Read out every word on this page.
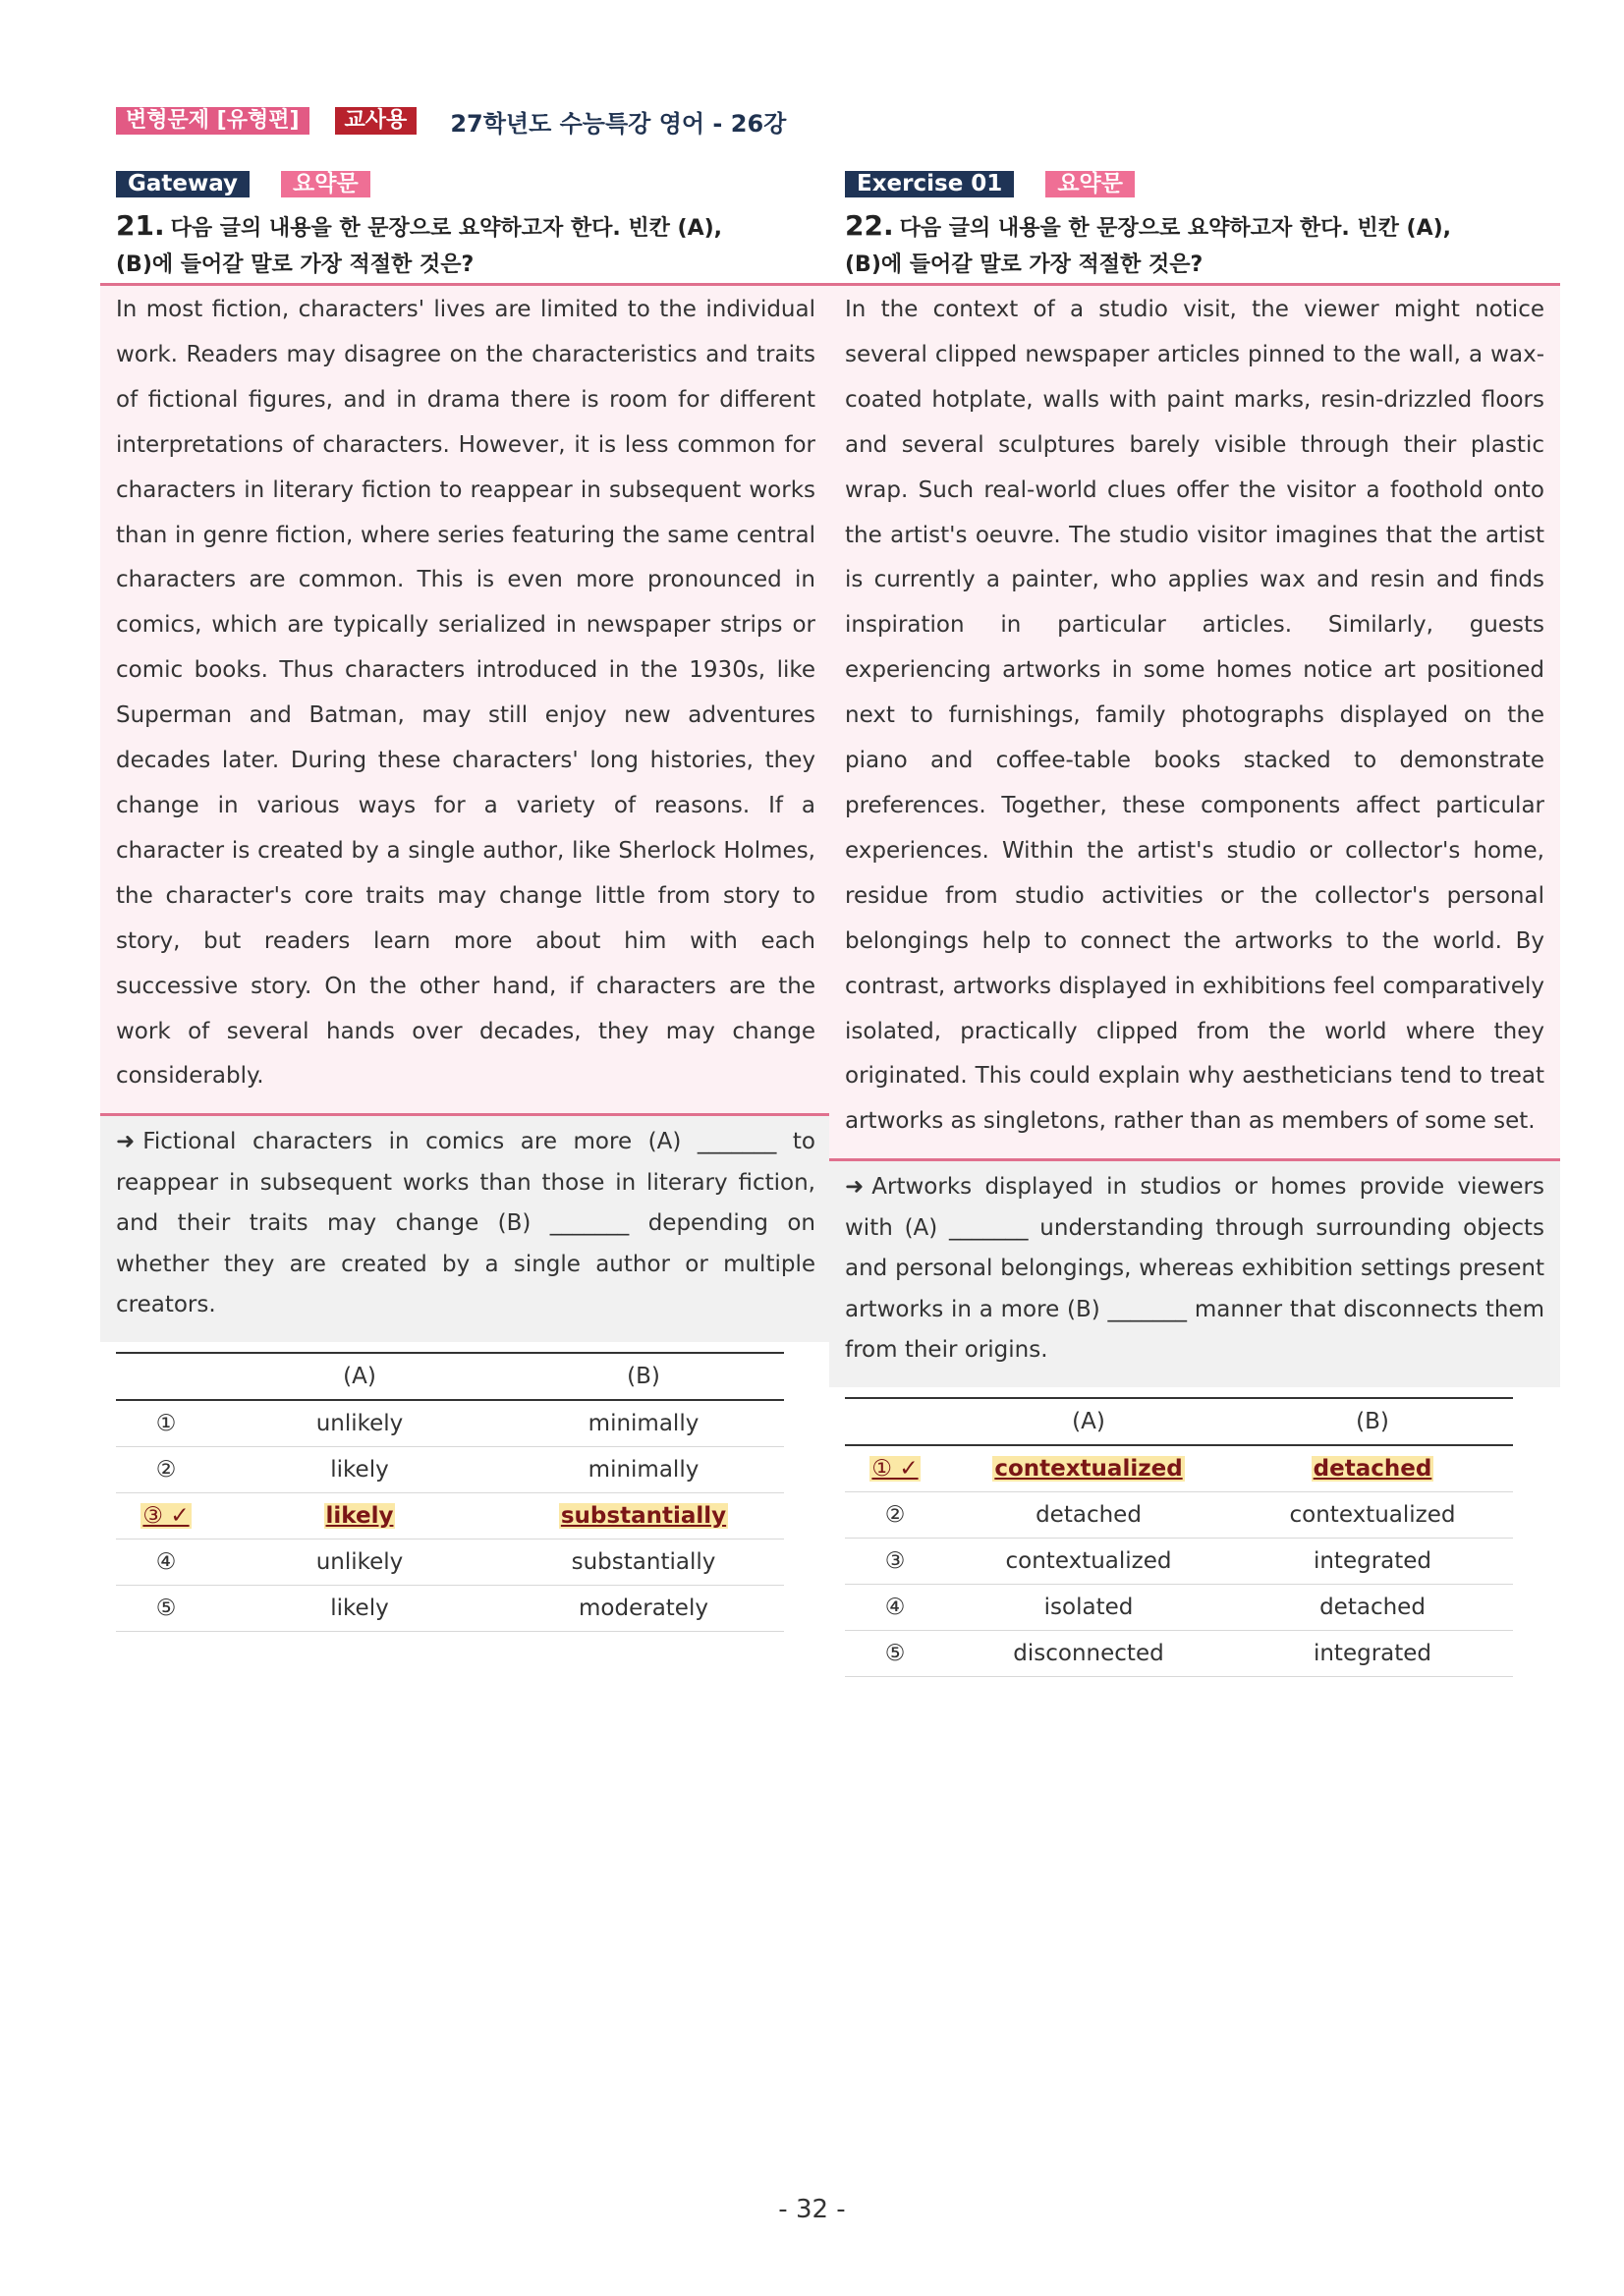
변형문제 [유형편]	교사용	27학년도 수능특강 영어 - 26강
Gateway	요약문
21. 다음 글의 내용을 한 문장으로 요약하고자 한다. 빈칸 (A),
(B)에 들어갈 말로 가장 적절한 것은?
In most fiction, characters' lives are limited to the individual work. Readers may disagree on the characteristics and traits of fictional figures, and in drama there is room for different interpretations of characters. However, it is less common for characters in literary fiction to reappear in subsequent works than in genre fiction, where series featuring the same central characters are common. This is even more pronounced in comics, which are typically serialized in newspaper strips or comic books. Thus characters introduced in the 1930s, like Superman and Batman, may still enjoy new adventures decades later. During these characters' long histories, they change in various ways for a variety of reasons. If a character is created by a single author, like Sherlock Holmes, the character's core traits may change little from story to story, but readers learn more about him with each successive story. On the other hand, if characters are the work of several hands over decades, they may change considerably.
➜ Fictional characters in comics are more (A) _______ to reappear in subsequent works than those in literary fiction, and their traits may change (B) _______ depending on whether they are created by a single author or multiple creators.
	(A)	(B)
①	unlikely	minimally
②	likely	minimally
③ ✓	likely	substantially
④	unlikely	substantially
⑤	likely	moderately
Exercise 01	요약문
22. 다음 글의 내용을 한 문장으로 요약하고자 한다. 빈칸 (A),
(B)에 들어갈 말로 가장 적절한 것은?
In the context of a studio visit, the viewer might notice several clipped newspaper articles pinned to the wall, a wax-coated hotplate, walls with paint marks, resin-drizzled floors and several sculptures barely visible through their plastic wrap. Such real-world clues offer the visitor a foothold onto the artist's oeuvre. The studio visitor imagines that the artist is currently a painter, who applies wax and resin and finds inspiration in particular articles. Similarly, guests experiencing artworks in some homes notice art positioned next to furnishings, family photographs displayed on the piano and coffee-table books stacked to demonstrate preferences. Together, these components affect particular experiences. Within the artist's studio or collector's home, residue from studio activities or the collector's personal belongings help to connect the artworks to the world. By contrast, artworks displayed in exhibitions feel comparatively isolated, practically clipped from the world where they originated. This could explain why aestheticians tend to treat artworks as singletons, rather than as members of some set.
➜ Artworks displayed in studios or homes provide viewers with (A) _______ understanding through surrounding objects and personal belongings, whereas exhibition settings present artworks in a more (B) _______ manner that disconnects them from their origins.
	(A)	(B)
① ✓	contextualized	detached
②	detached	contextualized
③	contextualized	integrated
④	isolated	detached
⑤	disconnected	integrated
- 32 -
